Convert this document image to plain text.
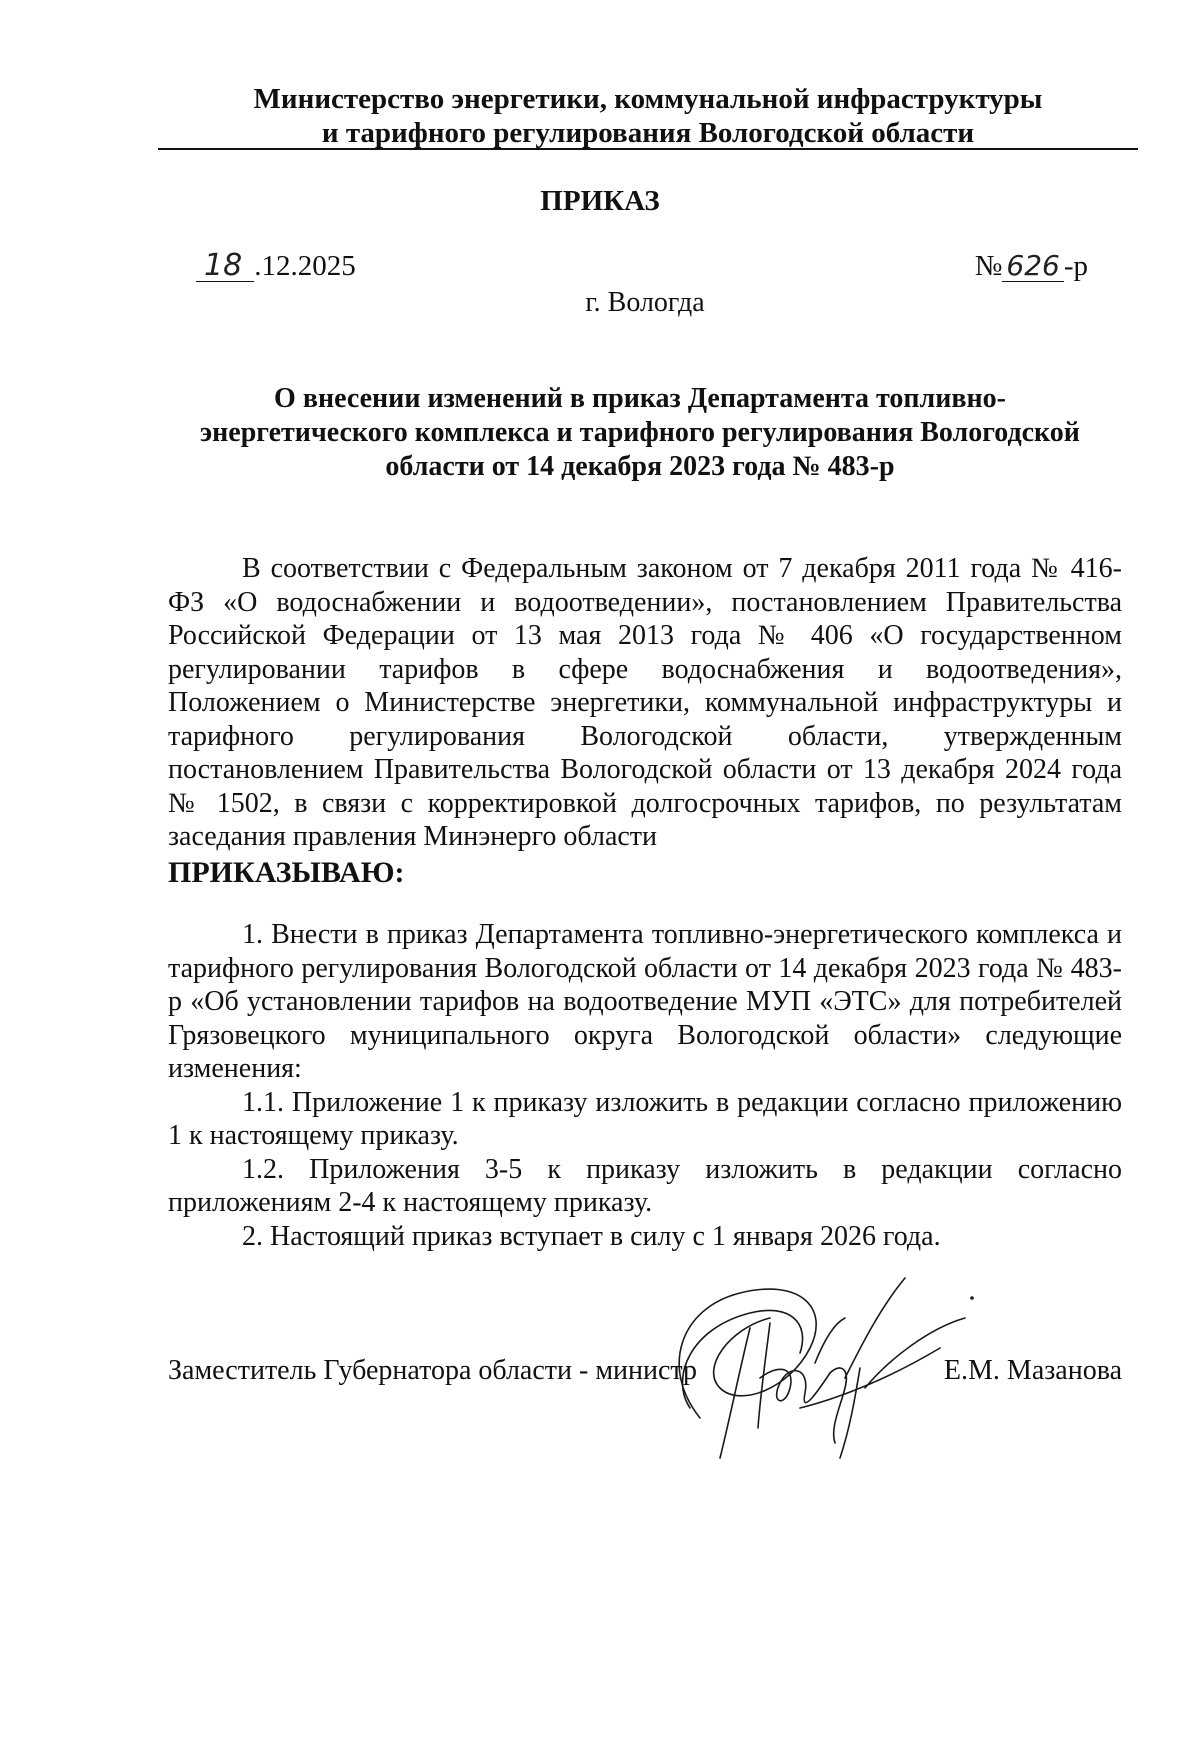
Министерство энергетики, коммунальной инфраструктуры
и тарифного регулирования Вологодской области
ПРИКАЗ
18 .12.2025	№ 626 -р
г. Вологда
О внесении изменений в приказ Департамента топливно-
энергетического комплекса и тарифного регулирования Вологодской
области от 14 декабря 2023 года № 483-р

В соответствии с Федеральным законом от 7 декабря 2011 года № 416-ФЗ «О водоснабжении и водоотведении», постановлением Правительства Российской Федерации от 13 мая 2013 года № 406 «О государственном регулировании тарифов в сфере водоснабжения и водоотведения», Положением о Министерстве энергетики, коммунальной инфраструктуры и тарифного регулирования Вологодской области, утвержденным постановлением Правительства Вологодской области от 13 декабря 2024 года № 1502, в связи с корректировкой долгосрочных тарифов, по результатам заседания правления Минэнерго области

ПРИКАЗЫВАЮ:

1. Внести в приказ Департамента топливно-энергетического комплекса и тарифного регулирования Вологодской области от 14 декабря 2023 года № 483-р «Об установлении тарифов на водоотведение МУП «ЭТС» для потребителей Грязовецкого муниципального округа Вологодской области» следующие изменения:

1.1. Приложение 1 к приказу изложить в редакции согласно приложению 1 к настоящему приказу.

1.2. Приложения 3-5 к приказу изложить в редакции согласно приложениям 2-4 к настоящему приказу.

2. Настоящий приказ вступает в силу с 1 января 2026 года.

Заместитель Губернатора области - министр	Е.М. Мазанова
